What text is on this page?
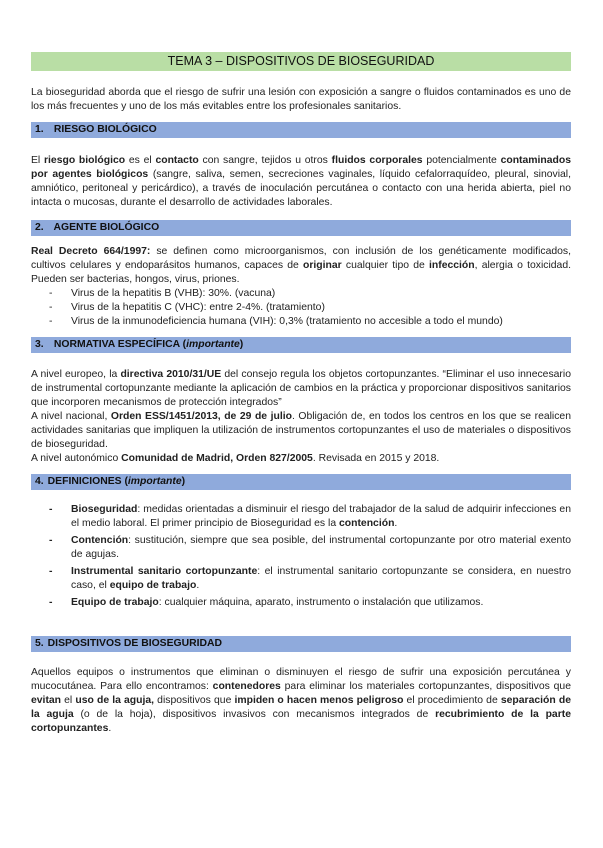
TEMA 3 – DISPOSITIVOS DE BIOSEGURIDAD

La bioseguridad aborda que el riesgo de sufrir una lesión con exposición a sangre o fluidos contaminados es uno de los más frecuentes y uno de los más evitables entre los profesionales sanitarios.

1. RIESGO BIOLÓGICO

El riesgo biológico es el contacto con sangre, tejidos u otros fluidos corporales potencialmente contaminados por agentes biológicos (sangre, saliva, semen, secreciones vaginales, líquido cefalorraquídeo, pleural, sinovial, amniótico, peritoneal y pericárdico), a través de inoculación percutánea o contacto con una herida abierta, piel no intacta o mucosas, durante el desarrollo de actividades laborales.

2. AGENTE BIOLÓGICO

Real Decreto 664/1997: se definen como microorganismos, con inclusión de los genéticamente modificados, cultivos celulares y endoparásitos humanos, capaces de originar cualquier tipo de infección, alergia o toxicidad. Pueden ser bacterias, hongos, virus, priones.

- Virus de la hepatitis B (VHB): 30%. (vacuna)
- Virus de la hepatitis C (VHC): entre 2-4%. (tratamiento)
- Virus de la inmunodeficiencia humana (VIH): 0,3% (tratamiento no accesible a todo el mundo)
3. NORMATIVA ESPECÍFICA (importante)

A nivel europeo, la directiva 2010/31/UE del consejo regula los objetos cortopunzantes. “Eliminar el uso innecesario de instrumental cortopunzante mediante la aplicación de cambios en la práctica y proporcionar dispositivos sanitarios que incorporen mecanismos de protección integrados”

A nivel nacional, Orden ESS/1451/2013, de 29 de julio. Obligación de, en todos los centros en los que se realicen actividades sanitarias que impliquen la utilización de instrumentos cortopunzantes el uso de materiales o dispositivos de bioseguridad.

A nivel autonómico Comunidad de Madrid, Orden 827/2005. Revisada en 2015 y 2018.

4. DEFINICIONES (importante)
- Bioseguridad: medidas orientadas a disminuir el riesgo del trabajador de la salud de adquirir infecciones en el medio laboral. El primer principio de Bioseguridad es la contención.
- Contención: sustitución, siempre que sea posible, del instrumental cortopunzante por otro material exento de agujas.
- Instrumental sanitario cortopunzante: el instrumental sanitario cortopunzante se considera, en nuestro caso, el equipo de trabajo.
- Equipo de trabajo: cualquier máquina, aparato, instrumento o instalación que utilizamos.
5. DISPOSITIVOS DE BIOSEGURIDAD

Aquellos equipos o instrumentos que eliminan o disminuyen el riesgo de sufrir una exposición percutánea y mucocutánea. Para ello encontramos: contenedores para eliminar los materiales cortopunzantes, dispositivos que evitan el uso de la aguja, dispositivos que impiden o hacen menos peligroso el procedimiento de separación de la aguja (o de la hoja), dispositivos invasivos con mecanismos integrados de recubrimiento de la parte cortopunzantes.
